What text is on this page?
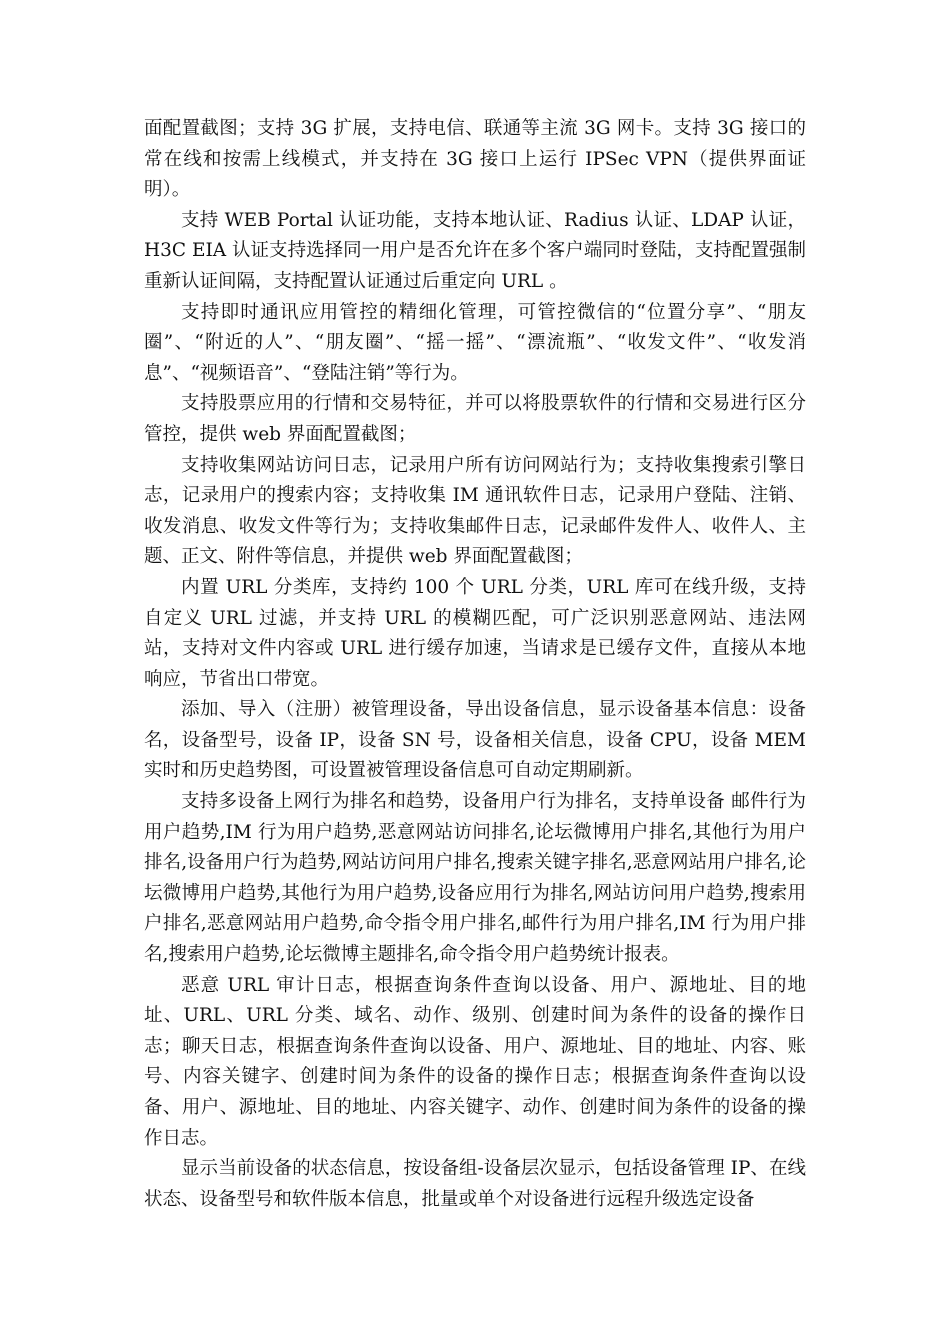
面配置截图；支持 3G 扩展，支持电信、联通等主流 3G 网卡。支持 3G 接口的常在线和按需上线模式，并支持在 3G 接口上运行 IPSec VPN（提供界面证明）。

支持 WEB Portal 认证功能，支持本地认证、Radius 认证、LDAP 认证，H3C EIA 认证支持选择同一用户是否允许在多个客户端同时登陆，支持配置强制重新认证间隔，支持配置认证通过后重定向 URL 。

支持即时通讯应用管控的精细化管理，可管控微信的“位置分享”、“朋友圈”、“附近的人”、“朋友圈”、“摇一摇”、“漂流瓶”、“收发文件”、“收发消息”、“视频语音”、“登陆注销”等行为。

支持股票应用的行情和交易特征，并可以将股票软件的行情和交易进行区分管控，提供 web 界面配置截图；

支持收集网站访问日志，记录用户所有访问网站行为；支持收集搜索引擎日志，记录用户的搜索内容；支持收集 IM 通讯软件日志，记录用户登陆、注销、收发消息、收发文件等行为；支持收集邮件日志，记录邮件发件人、收件人、主题、正文、附件等信息，并提供 web 界面配置截图；

内置 URL 分类库，支持约 100 个 URL 分类，URL 库可在线升级，支持自定义 URL 过滤，并支持 URL 的模糊匹配，可广泛识别恶意网站、违法网站，支持对文件内容或 URL 进行缓存加速，当请求是已缓存文件，直接从本地响应，节省出口带宽。

添加、导入（注册）被管理设备，导出设备信息，显示设备基本信息：设备名，设备型号，设备 IP，设备 SN 号，设备相关信息，设备 CPU，设备 MEM 实时和历史趋势图，可设置被管理设备信息可自动定期刷新。

支持多设备上网行为排名和趋势，设备用户行为排名，支持单设备 邮件行为用户趋势,IM 行为用户趋势,恶意网站访问排名,论坛微博用户排名,其他行为用户排名,设备用户行为趋势,网站访问用户排名,搜索关键字排名,恶意网站用户排名,论坛微博用户趋势,其他行为用户趋势,设备应用行为排名,网站访问用户趋势,搜索用户排名,恶意网站用户趋势,命令指令用户排名,邮件行为用户排名,IM 行为用户排名,搜索用户趋势,论坛微博主题排名,命令指令用户趋势统计报表。

恶意 URL 审计日志，根据查询条件查询以设备、用户、源地址、目的地址、URL、URL 分类、域名、动作、级别、创建时间为条件的设备的操作日志；聊天日志，根据查询条件查询以设备、用户、源地址、目的地址、内容、账号、内容关键字、创建时间为条件的设备的操作日志；根据查询条件查询以设备、用户、源地址、目的地址、内容关键字、动作、创建时间为条件的设备的操作日志。

显示当前设备的状态信息，按设备组-设备层次显示，包括设备管理 IP、在线状态、设备型号和软件版本信息，批量或单个对设备进行远程升级选定设备
